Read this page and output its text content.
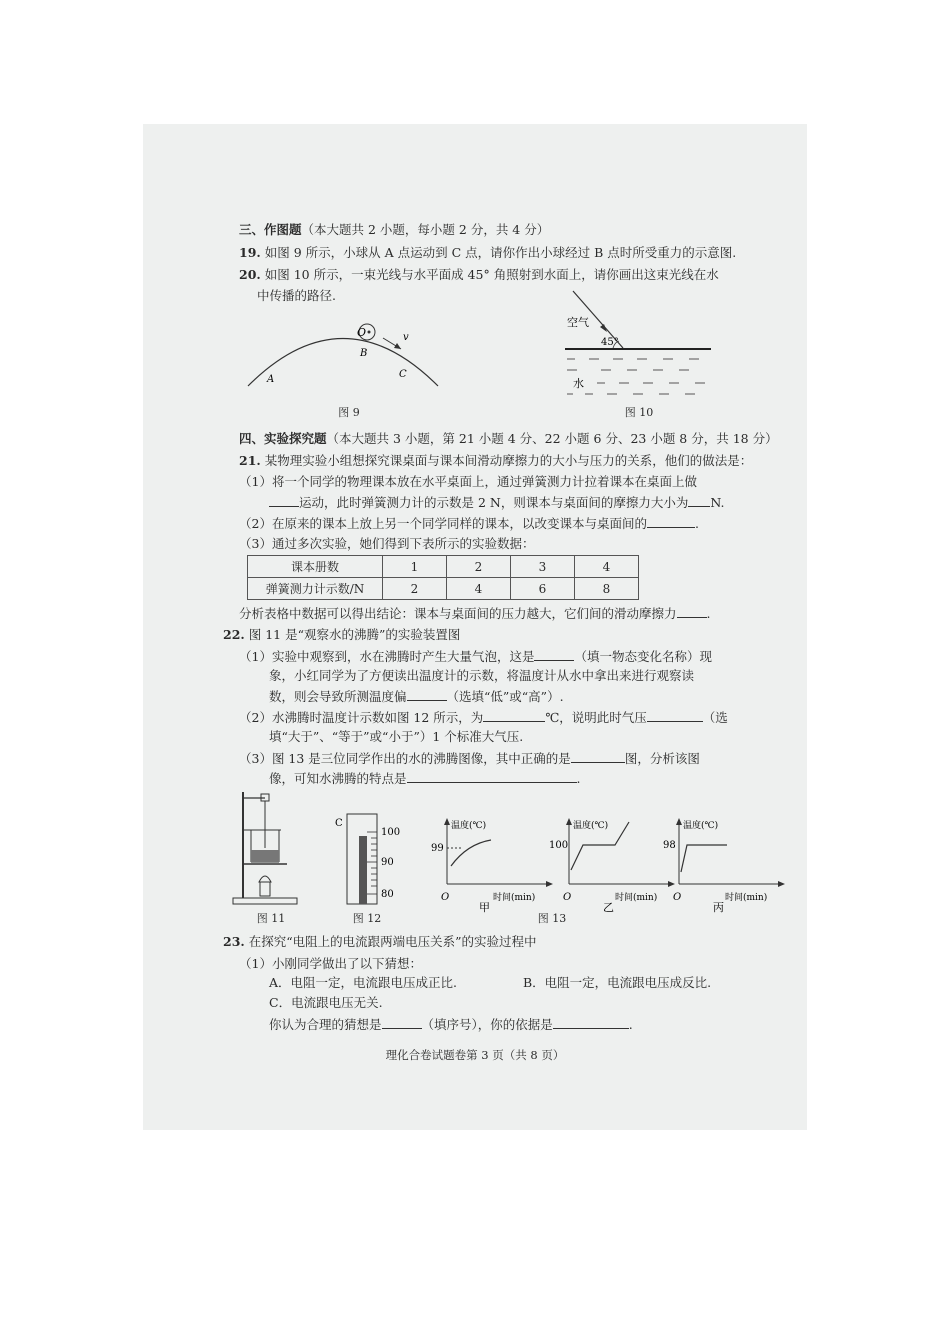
三、作图题（本大题共 2 小题，每小题 2 分，共 4 分）
19. 如图 9 所示，小球从 A 点运动到 C 点，请你作出小球经过 B 点时所受重力的示意图.
20. 如图 10 所示，一束光线与水平面成 45° 角照射到水面上，请你画出这束光线在水
中传播的路径.
O
B
v
A	C
图 9
空气
45°
水
图 10
四、实验探究题（本大题共 3 小题，第 21 小题 4 分、22 小题 6 分、23 小题 8 分，共 18 分）
21. 某物理实验小组想探究课桌面与课本间滑动摩擦力的大小与压力的关系，他们的做法是：
（1）将一个同学的物理课本放在水平桌面上，通过弹簧测力计拉着课本在桌面上做
运动，此时弹簧测力计的示数是 2 N，则课本与桌面间的摩擦力大小为 N.
（2）在原来的课本上放上另一个同学同样的课本，以改变课本与桌面间的	.
（3）通过多次实验，她们得到下表所示的实验数据：
课本册数	1	2	3	4
弹簧测力计示数/N	2	4	6	8
分析表格中数据可以得出结论：课本与桌面间的压力越大，它们间的滑动摩擦力 .
22. 图 11 是“观察水的沸腾”的实验装置图
（1）实验中观察到，水在沸腾时产生大量气泡，这是	（填一物态变化名称）现
象，小红同学为了方便读出温度计的示数，将温度计从水中拿出来进行观察读
数，则会导致所测温度偏	（选填“低”或“高”）.
（2）水沸腾时温度计示数如图 12 所示，为	℃，说明此时气压	（选
填“大于”、“等于”或“小于”）1 个标准大气压.
（3）图 13 是三位同学作出的水的沸腾图像，其中正确的是	图，分析该图
像，可知水沸腾的特点是	.
图 11
C
100
90
80
图 12
温度(℃)
时间(min)
O
99
甲
温度(℃)
时间(min)
O
100
乙
温度(℃)
时间(min)
O
98
丙
图 13
23. 在探究“电阻上的电流跟两端电压关系”的实验过程中
（1）小刚同学做出了以下猜想：
A．电阻一定，电流跟电压成正比.	B．电阻一定，电流跟电压成反比.
C．电流跟电压无关.
你认为合理的猜想是	（填序号），你的依据是	.
理化合卷试题卷第 3 页（共 8 页）
